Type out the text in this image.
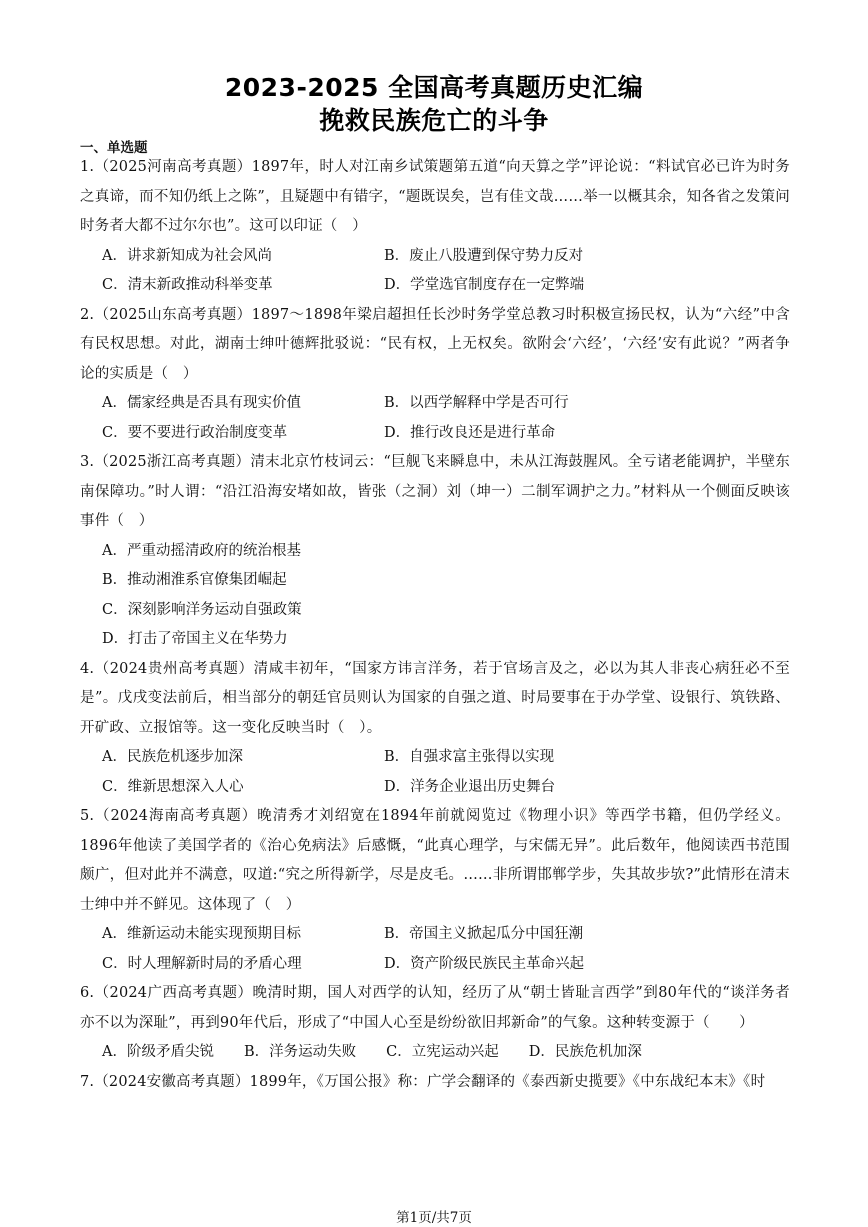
2023-2025 全国高考真题历史汇编
挽救民族危亡的斗争
一、单选题

1.（2025河南高考真题）1897年，时人对江南乡试策题第五道“向天算之学”评论说：“料试官必已许为时务之真谛，而不知仍纸上之陈”，且疑题中有错字，“题既误矣，岂有佳文哉……举一以概其余，知各省之发策问时务者大都不过尔尔也”。这可以印证（　）

A．讲求新知成为社会风尚	B．废止八股遭到保守势力反对
C．清末新政推动科举变革	D．学堂选官制度存在一定弊端

2.（2025山东高考真题）1897～1898年梁启超担任长沙时务学堂总教习时积极宣扬民权，认为“六经”中含有民权思想。对此，湖南士绅叶德辉批驳说：“民有权，上无权矣。欲附会‘六经’，‘六经’安有此说？”两者争论的实质是（　）

A．儒家经典是否具有现实价值	B．以西学解释中学是否可行
C．要不要进行政治制度变革	D．推行改良还是进行革命

3.（2025浙江高考真题）清末北京竹枝词云：“巨舰飞来瞬息中，未从江海鼓腥风。全亏诸老能调护，半壁东南保障功。”时人谓：“沿江沿海安堵如故，皆张（之洞）刘（坤一）二制军调护之力。”材料从一个侧面反映该事件（　）

A．严重动摇清政府的统治根基
B．推动湘淮系官僚集团崛起
C．深刻影响洋务运动自强政策
D．打击了帝国主义在华势力

4.（2024贵州高考真题）清咸丰初年，“国家方讳言洋务，若于官场言及之，必以为其人非丧心病狂必不至是”。戊戌变法前后，相当部分的朝廷官员则认为国家的自强之道、时局要事在于办学堂、设银行、筑铁路、开矿政、立报馆等。这一变化反映当时（　）。

A．民族危机逐步加深	B．自强求富主张得以实现
C．维新思想深入人心	D．洋务企业退出历史舞台

5.（2024海南高考真题）晚清秀才刘绍宽在1894年前就阅览过《物理小识》等西学书籍，但仍学经义。1896年他读了美国学者的《治心免病法》后感慨，“此真心理学，与宋儒无异”。此后数年，他阅读西书范围颇广，但对此并不满意，叹道:“究之所得新学，尽是皮毛。……非所谓邯郸学步，失其故步欤?”此情形在清末士绅中并不鲜见。这体现了（　）

A．维新运动未能实现预期目标	B．帝国主义掀起瓜分中国狂潮
C．时人理解新时局的矛盾心理	D．资产阶级民族民主革命兴起

6.（2024广西高考真题）晚清时期，国人对西学的认知，经历了从“朝士皆耻言西学”到80年代的“谈洋务者亦不以为深耻”，再到90年代后，形成了“中国人心至是纷纷欲旧邦新命”的气象。这种转变源于（　　）

A．阶级矛盾尖锐 B．洋务运动失败 C．立宪运动兴起 D．民族危机加深

7.（2024安徽高考真题）1899年，《万国公报》称：广学会翻译的《泰西新史揽要》《中东战纪本末》《时

第1页/共7页
